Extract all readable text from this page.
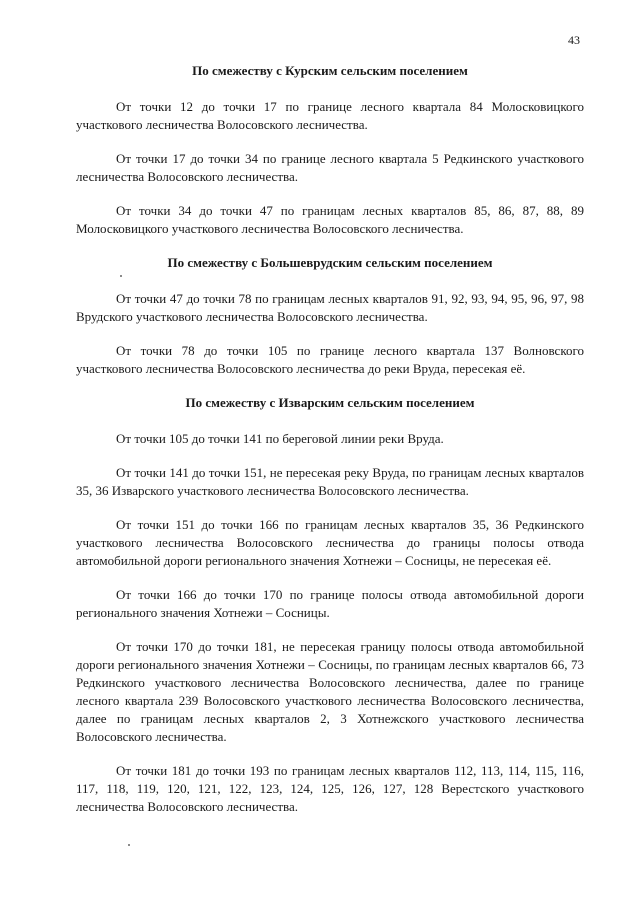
43
По смежеству с Курским сельским поселением

От точки 12 до точки 17 по границе лесного квартала 84 Молосковицкого участкового лесничества Волосовского лесничества.

От точки 17 до точки 34 по границе лесного квартала 5 Редкинского участкового лесничества Волосовского лесничества.

От точки 34 до точки 47 по границам лесных кварталов 85, 86, 87, 88, 89 Молосковицкого участкового лесничества Волосовского лесничества.

По смежеству с Большеврудским сельским поселением

От точки 47 до точки 78 по границам лесных кварталов 91, 92, 93, 94, 95, 96, 97, 98 Врудского участкового лесничества Волосовского лесничества.

От точки 78 до точки 105 по границе лесного квартала 137 Волновского участкового лесничества Волосовского лесничества до реки Вруда, пересекая её.

По смежеству с Изварским сельским поселением

От точки 105 до точки 141 по береговой линии реки Вруда.

От точки 141 до точки 151, не пересекая реку Вруда, по границам лесных кварталов 35, 36 Изварского участкового лесничества Волосовского лесничества.

От точки 151 до точки 166 по границам лесных кварталов 35, 36 Редкинского участкового лесничества Волосовского лесничества до границы полосы отвода автомобильной дороги регионального значения Хотнежи – Сосницы, не пересекая её.

От точки 166 до точки 170 по границе полосы отвода автомобильной дороги регионального значения Хотнежи – Сосницы.

От точки 170 до точки 181, не пересекая границу полосы отвода автомобильной дороги регионального значения Хотнежи – Сосницы, по границам лесных кварталов 66, 73 Редкинского участкового лесничества Волосовского лесничества, далее по границе лесного квартала 239 Волосовского участкового лесничества Волосовского лесничества, далее по границам лесных кварталов 2, 3 Хотнежского участкового лесничества Волосовского лесничества.

От точки 181 до точки 193 по границам лесных кварталов 112, 113, 114, 115, 116, 117, 118, 119, 120, 121, 122, 123, 124, 125, 126, 127, 128 Верестского участкового лесничества Волосовского лесничества.
